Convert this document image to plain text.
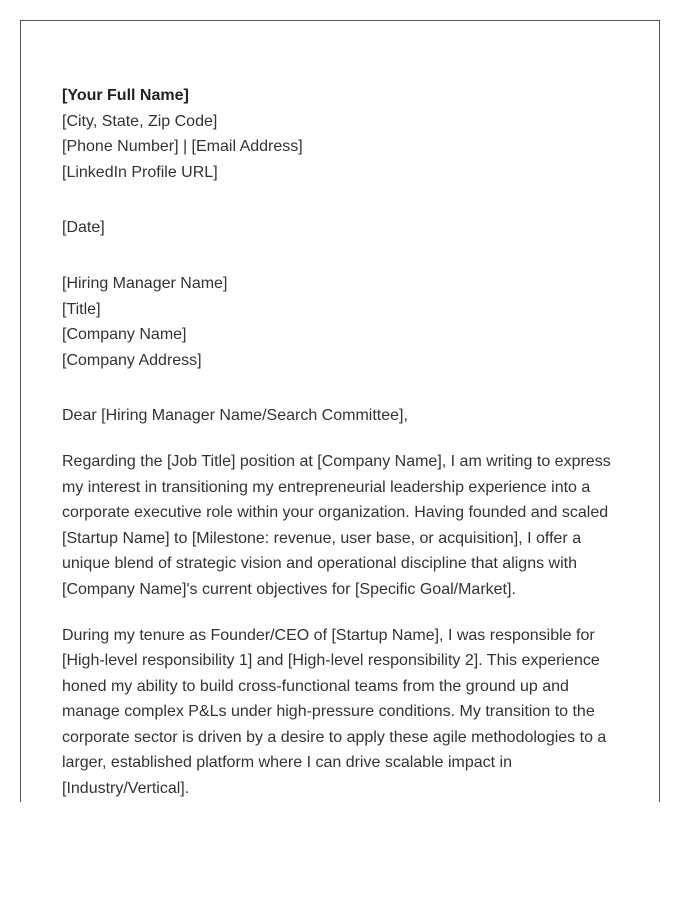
[Your Full Name]
[City, State, Zip Code]
[Phone Number] | [Email Address]
[LinkedIn Profile URL]
[Date]
[Hiring Manager Name]
[Title]
[Company Name]
[Company Address]
Dear [Hiring Manager Name/Search Committee],
Regarding the [Job Title] position at [Company Name], I am writing to express
my interest in transitioning my entrepreneurial leadership experience into a
corporate executive role within your organization. Having founded and scaled
[Startup Name] to [Milestone: revenue, user base, or acquisition], I offer a
unique blend of strategic vision and operational discipline that aligns with
[Company Name]'s current objectives for [Specific Goal/Market].
During my tenure as Founder/CEO of [Startup Name], I was responsible for
[High-level responsibility 1] and [High-level responsibility 2]. This experience
honed my ability to build cross-functional teams from the ground up and
manage complex P&Ls under high-pressure conditions. My transition to the
corporate sector is driven by a desire to apply these agile methodologies to a
larger, established platform where I can drive scalable impact in
[Industry/Vertical].
